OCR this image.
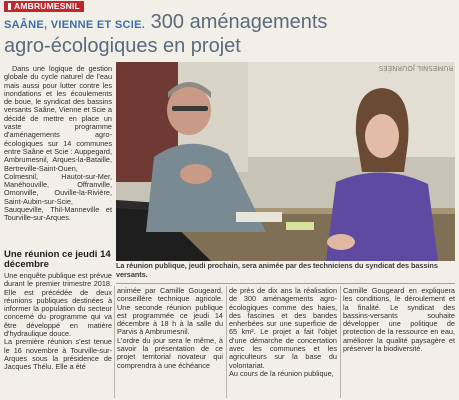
AMBRUMESNIL
SAÂNE, VIENNE ET SCIE. 300 aménagements
agro-écologiques en projet

Dans une logique de gestion globale du cycle naturel de l'eau mais aussi pour lutter contre les inondations et les écoulements de boue, le syndicat des bassins versants Saâne, Vienne et Scie a décidé de mettre en place un vaste programme d'aménagements agro-écologiques sur 14 communes entre Saâne et Scie : Auppegard, Ambrumesnil, Arques-la-Bataille, Bertreville-Saint-Ouen, Colmesnil, Hautot-sur-Mer, Manéhouville, Offranville, Omonville, Ouville-la-Rivière, Saint-Aubin-sur-Scie, Sauqueville, Thil-Manneville et Tourville-sur-Arques.

RUMESNIL JOURNÉES
La réunion publique, jeudi prochain, sera animée par des techniciens du syndicat des bassins versants.
Une réunion ce jeudi 14 décembre
Une enquête publique est prévue durant le premier trimestre 2018. Elle est précédée de deux réunions publiques destinées à informer la population du secteur concerné du programme qui va être développé en matière d'hydraulique douce.
La première réunion s'est tenue le 16 novembre à Tourville-sur-Arques sous la présidence de Jacques Thélu. Elle a été
animée par Camille Gougeard, conseillère technique agricole. Une seconde réunion publique est programmée ce jeudi 14 décembre à 18 h à la salle du Parvis à Ambrumesnil.
L'ordre du jour sera le même, à savoir la présentation de ce projet territorial novateur qui comprendra à une échéance
de près de dix ans la réalisation de 300 aménagements agro-écologiques comme des haies, des fascines et des bandes enherbées sur une superficie de 65 km². Le projet a fait l'objet d'une démarche de concertation avec les communes et les agriculteurs sur la base du volontariat.
Au cours de la réunion publique,
Camille Gougeard en expliquera les conditions, le déroulement et la finalité. Le syndicat des bassins-versants souhaite développer une politique de protection de la ressource en eau, améliorer la qualité paysagère et préserver la biodiversité.
